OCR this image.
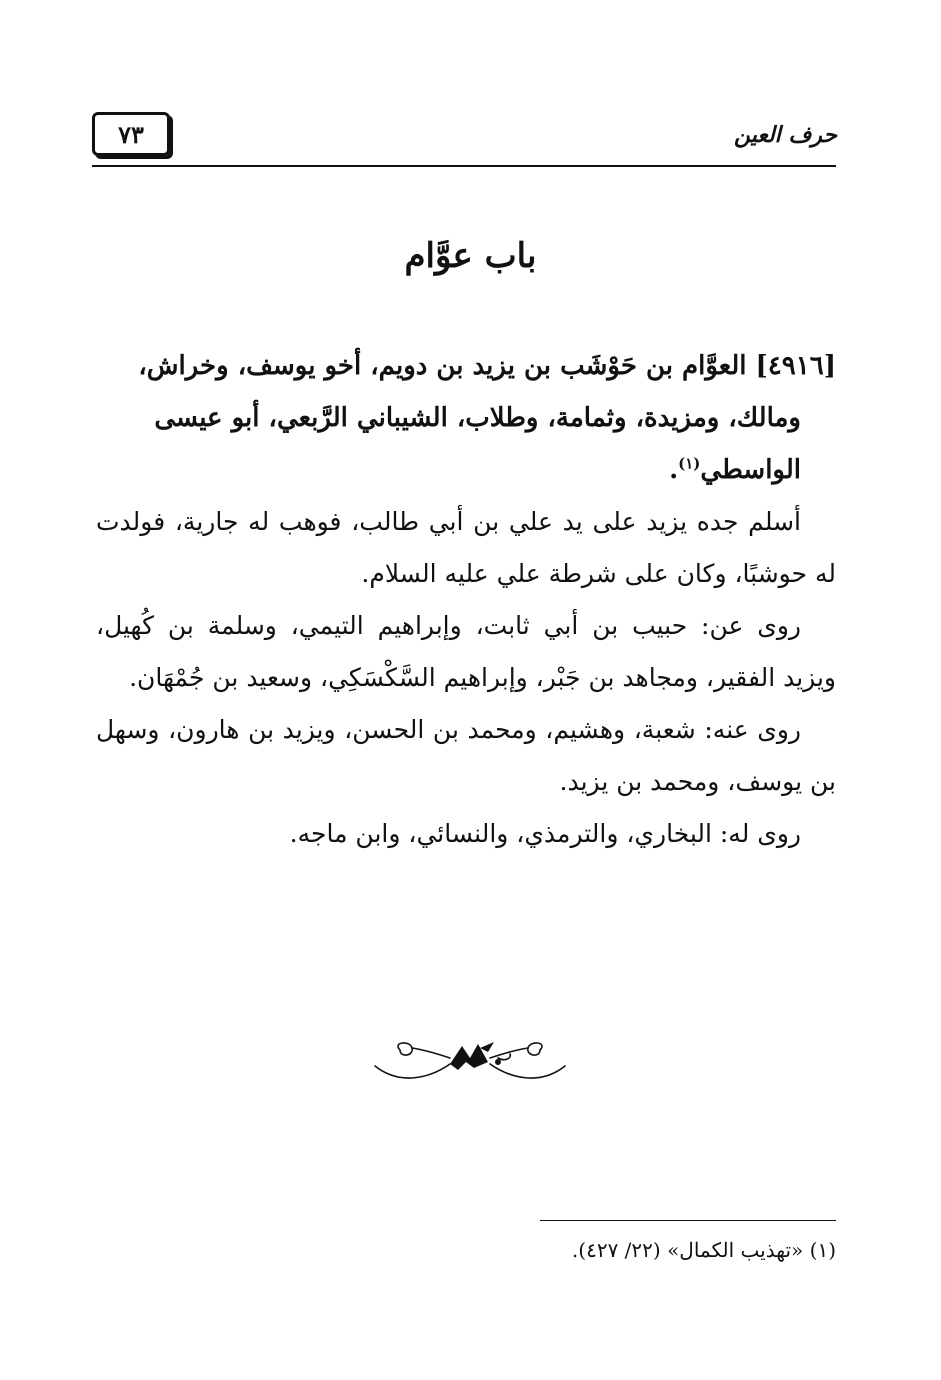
حرف العين
٧٣
باب عوَّام

[٤٩١٦] العوَّام بن حَوْشَب بن يزيد بن دويم، أخو يوسف، وخراش،
ومالك، ومزيدة، وثمامة، وطلاب، الشيباني الرَّبعي، أبو عيسى
الواسطي$^{(١)}$.

أسلم جده يزيد على يد علي بن أبي طالب، فوهب له جارية، فولدت له حوشبًا، وكان على شرطة علي عليه السلام.

روى عن: حبيب بن أبي ثابت، وإبراهيم التيمي، وسلمة بن كُهيل، ويزيد الفقير، ومجاهد بن جَبْر، وإبراهيم السَّكْسَكِي، وسعيد بن جُمْهَان.

روى عنه: شعبة، وهشيم، ومحمد بن الحسن، ويزيد بن هارون، وسهل بن يوسف، ومحمد بن يزيد.

روى له: البخاري، والترمذي، والنسائي، وابن ماجه.

(١) «تهذيب الكمال» (٢٢/ ٤٢٧).
